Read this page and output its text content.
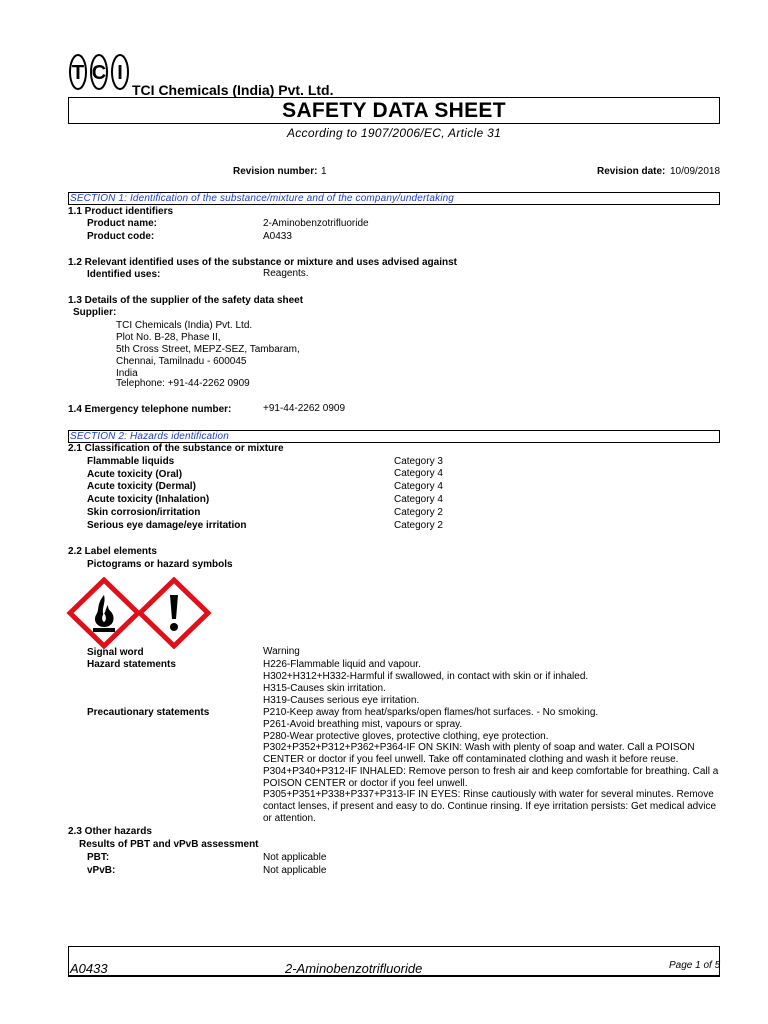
T C I
TCI Chemicals (India) Pvt. Ltd.
SAFETY DATA SHEET
According to 1907/2006/EC, Article 31
Revision number: 1	Revision date: 10/09/2018
SECTION 1: Identification of the substance/mixture and of the company/undertaking
1.1 Product identifiers
Product name:	2-Aminobenzotrifluoride
Product code:	A0433
1.2 Relevant identified uses of the substance or mixture and uses advised against
Identified uses:	Reagents.
1.3 Details of the supplier of the safety data sheet
Supplier:
TCI Chemicals (India) Pvt. Ltd.
Plot No. B-28, Phase II,
5th Cross Street, MEPZ-SEZ, Tambaram,
Chennai, Tamilnadu - 600045
India
Telephone: +91-44-2262 0909
1.4 Emergency telephone number:	+91-44-2262 0909
SECTION 2: Hazards identification
2.1 Classification of the substance or mixture
Flammable liquids	Category 3
Acute toxicity (Oral)	Category 4
Acute toxicity (Dermal)	Category 4
Acute toxicity (Inhalation)	Category 4
Skin corrosion/irritation	Category 2
Serious eye damage/eye irritation	Category 2
2.2 Label elements
Pictograms or hazard symbols
Signal word	Warning
Hazard statements	H226-Flammable liquid and vapour.
H302+H312+H332-Harmful if swallowed, in contact with skin or if inhaled.
H315-Causes skin irritation.
H319-Causes serious eye irritation.
Precautionary statements	P210-Keep away from heat/sparks/open flames/hot surfaces. - No smoking.
P261-Avoid breathing mist, vapours or spray.
P280-Wear protective gloves, protective clothing, eye protection.
P302+P352+P312+P362+P364-IF ON SKIN: Wash with plenty of soap and water. Call a POISON
CENTER or doctor if you feel unwell. Take off contaminated clothing and wash it before reuse.
P304+P340+P312-IF INHALED: Remove person to fresh air and keep comfortable for breathing. Call a
POISON CENTER or doctor if you feel unwell.
P305+P351+P338+P337+P313-IF IN EYES: Rinse cautiously with water for several minutes. Remove
contact lenses, if present and easy to do. Continue rinsing. If eye irritation persists: Get medical advice
or attention.
2.3 Other hazards
Results of PBT and vPvB assessment
PBT:	Not applicable
vPvB:	Not applicable
A0433	2-Aminobenzotrifluoride	Page 1 of 5
